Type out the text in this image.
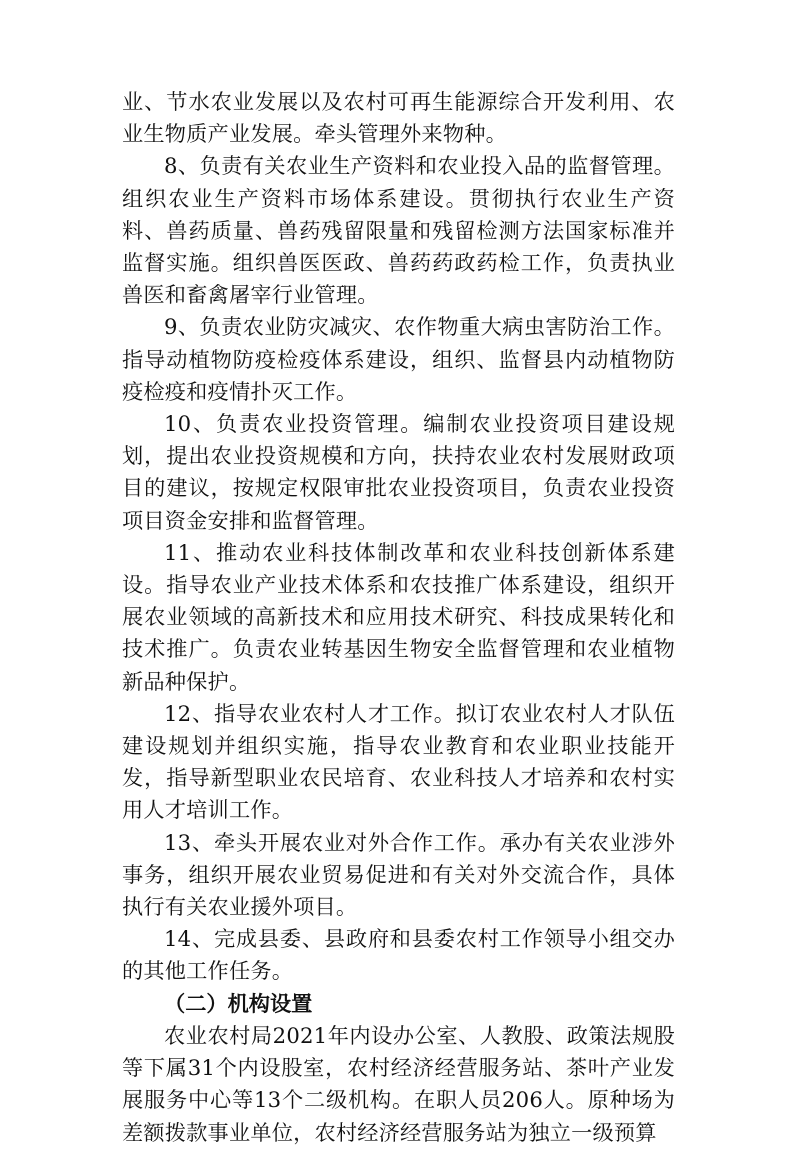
业、节水农业发展以及农村可再生能源综合开发利用、农业生物质产业发展。牵头管理外来物种。

8、负责有关农业生产资料和农业投入品的监督管理。组织农业生产资料市场体系建设。贯彻执行农业生产资料、兽药质量、兽药残留限量和残留检测方法国家标准并监督实施。组织兽医医政、兽药药政药检工作，负责执业兽医和畜禽屠宰行业管理。

9、负责农业防灾减灾、农作物重大病虫害防治工作。指导动植物防疫检疫体系建设，组织、监督县内动植物防疫检疫和疫情扑灭工作。

10、负责农业投资管理。编制农业投资项目建设规划，提出农业投资规模和方向，扶持农业农村发展财政项目的建议，按规定权限审批农业投资项目，负责农业投资项目资金安排和监督管理。

11、推动农业科技体制改革和农业科技创新体系建设。指导农业产业技术体系和农技推广体系建设，组织开展农业领域的高新技术和应用技术研究、科技成果转化和技术推广。负责农业转基因生物安全监督管理和农业植物新品种保护。

12、指导农业农村人才工作。拟订农业农村人才队伍建设规划并组织实施，指导农业教育和农业职业技能开发，指导新型职业农民培育、农业科技人才培养和农村实用人才培训工作。

13、牵头开展农业对外合作工作。承办有关农业涉外事务，组织开展农业贸易促进和有关对外交流合作，具体执行有关农业援外项目。

14、完成县委、县政府和县委农村工作领导小组交办的其他工作任务。

（二）机构设置

农业农村局2021年内设办公室、人教股、政策法规股等下属31个内设股室，农村经济经营服务站、茶叶产业发展服务中心等13个二级机构。在职人员206人。原种场为差额拨款事业单位，农村经济经营服务站为独立一级预算
